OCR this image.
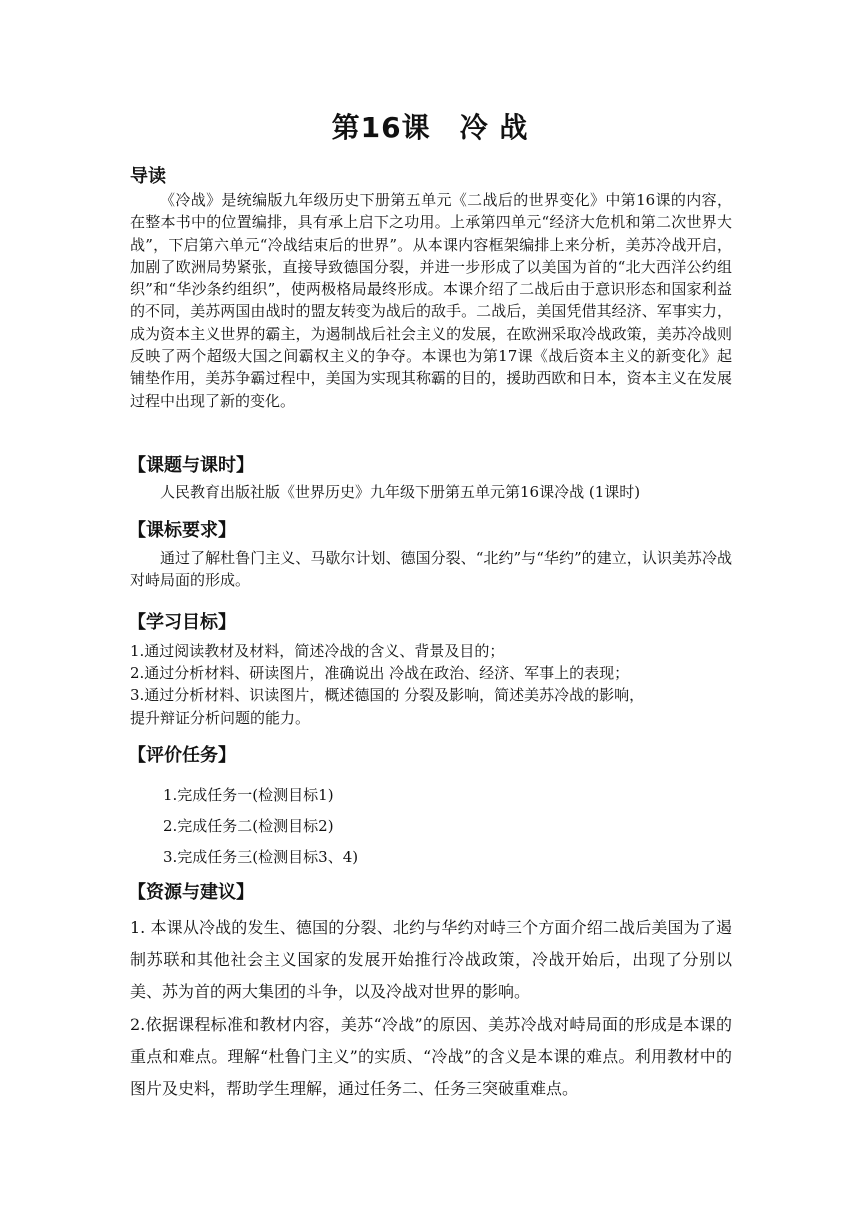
第16课　冷 战
导读
《冷战》是统编版九年级历史下册第五单元《二战后的世界变化》中第16课的内容，在整本书中的位置编排，具有承上启下之功用。上承第四单元“经济大危机和第二次世界大战”，下启第六单元“冷战结束后的世界”。从本课内容框架编排上来分析，美苏冷战开启，加剧了欧洲局势紧张，直接导致德国分裂，并进一步形成了以美国为首的“北大西洋公约组织”和“华沙条约组织”，使两极格局最终形成。本课介绍了二战后由于意识形态和国家利益的不同，美苏两国由战时的盟友转变为战后的敌手。二战后，美国凭借其经济、军事实力，成为资本主义世界的霸主，为遏制战后社会主义的发展，在欧洲采取冷战政策，美苏冷战则反映了两个超级大国之间霸权主义的争夺。本课也为第17课《战后资本主义的新变化》起铺垫作用，美苏争霸过程中，美国为实现其称霸的目的，援助西欧和日本，资本主义在发展过程中出现了新的变化。
【课题与课时】
人民教育出版社版《世界历史》九年级下册第五单元第16课冷战 (1课时)
【课标要求】
通过了解杜鲁门主义、马歇尔计划、德国分裂、“北约”与“华约”的建立，认识美苏冷战对峙局面的形成。
【学习目标】
1.通过阅读教材及材料，简述冷战的含义、背景及目的；
2.通过分析材料、研读图片，准确说出 冷战在政治、经济、军事上的表现；
3.通过分析材料、识读图片，概述德国的 分裂及影响，简述美苏冷战的影响，
提升辩证分析问题的能力。
【评价任务】
1.完成任务一(检测目标1)
2.完成任务二(检测目标2)
3.完成任务三(检测目标3、4)
【资源与建议】
1. 本课从冷战的发生、德国的分裂、北约与华约对峙三个方面介绍二战后美国为了遏制苏联和其他社会主义国家的发展开始推行冷战政策，冷战开始后，出现了分别以美、苏为首的两大集团的斗争，以及冷战对世界的影响。
2.依据课程标准和教材内容，美苏“冷战”的原因、美苏冷战对峙局面的形成是本课的重点和难点。理解“杜鲁门主义”的实质、“冷战”的含义是本课的难点。利用教材中的图片及史料，帮助学生理解，通过任务二、任务三突破重难点。
